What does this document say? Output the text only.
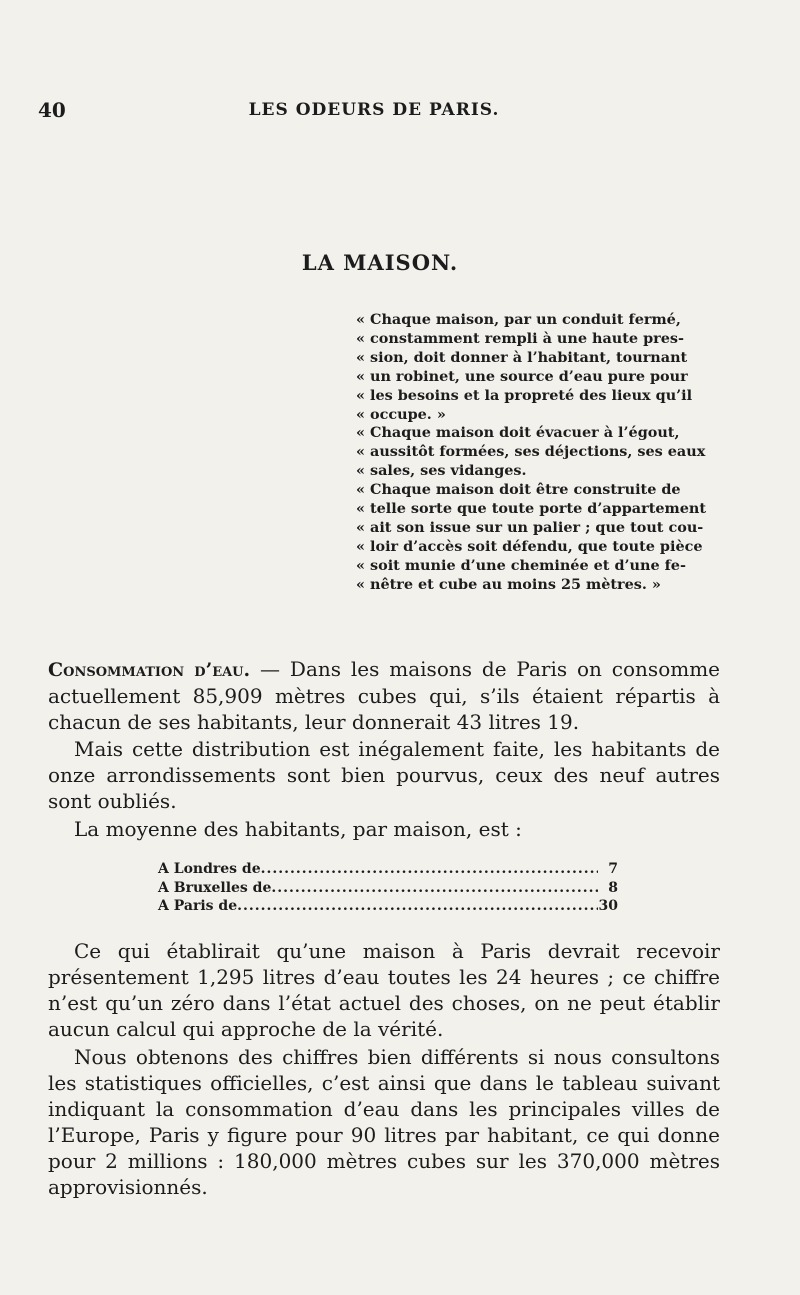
40	LES ODEURS DE PARIS.
LA MAISON.
« Chaque maison, par un conduit fermé,
« constamment rempli à une haute pres-
« sion, doit donner à l’habitant, tournant
« un robinet, une source d’eau pure pour
« les besoins et la propreté des lieux qu’il
« occupe. »
« Chaque maison doit évacuer à l’égout,
« aussitôt formées, ses déjections, ses eaux
« sales, ses vidanges.
« Chaque maison doit être construite de
« telle sorte que toute porte d’appartement
« ait son issue sur un palier ; que tout cou-
« loir d’accès soit défendu, que toute pièce
« soit munie d’une cheminée et d’une fe-
« nêtre et cube au moins 25 mètres. »
Consommation d’eau. — Dans les maisons de Paris on consomme actuellement 85,909 mètres cubes qui, s’ils étaient répartis à chacun de ses habitants, leur donnerait 43 litres 19.
Mais cette distribution est inégalement faite, les habitants de onze arrondissements sont bien pourvus, ceux des neuf autres sont oubliés.
La moyenne des habitants, par maison, est :
A Londres de .....	7
A Bruxelles de .....	8
A Paris de .....	30
Ce qui établirait qu’une maison à Paris devrait recevoir présentement 1,295 litres d’eau toutes les 24 heures ; ce chiffre n’est qu’un zéro dans l’état actuel des choses, on ne peut établir aucun calcul qui approche de la vérité.
Nous obtenons des chiffres bien différents si nous consultons les statistiques officielles, c’est ainsi que dans le tableau suivant indiquant la consommation d’eau dans les principales villes de l’Europe, Paris y figure pour 90 litres par habitant, ce qui donne pour 2 millions : 180,000 mètres cubes sur les 370,000 mètres approvisionnés.
